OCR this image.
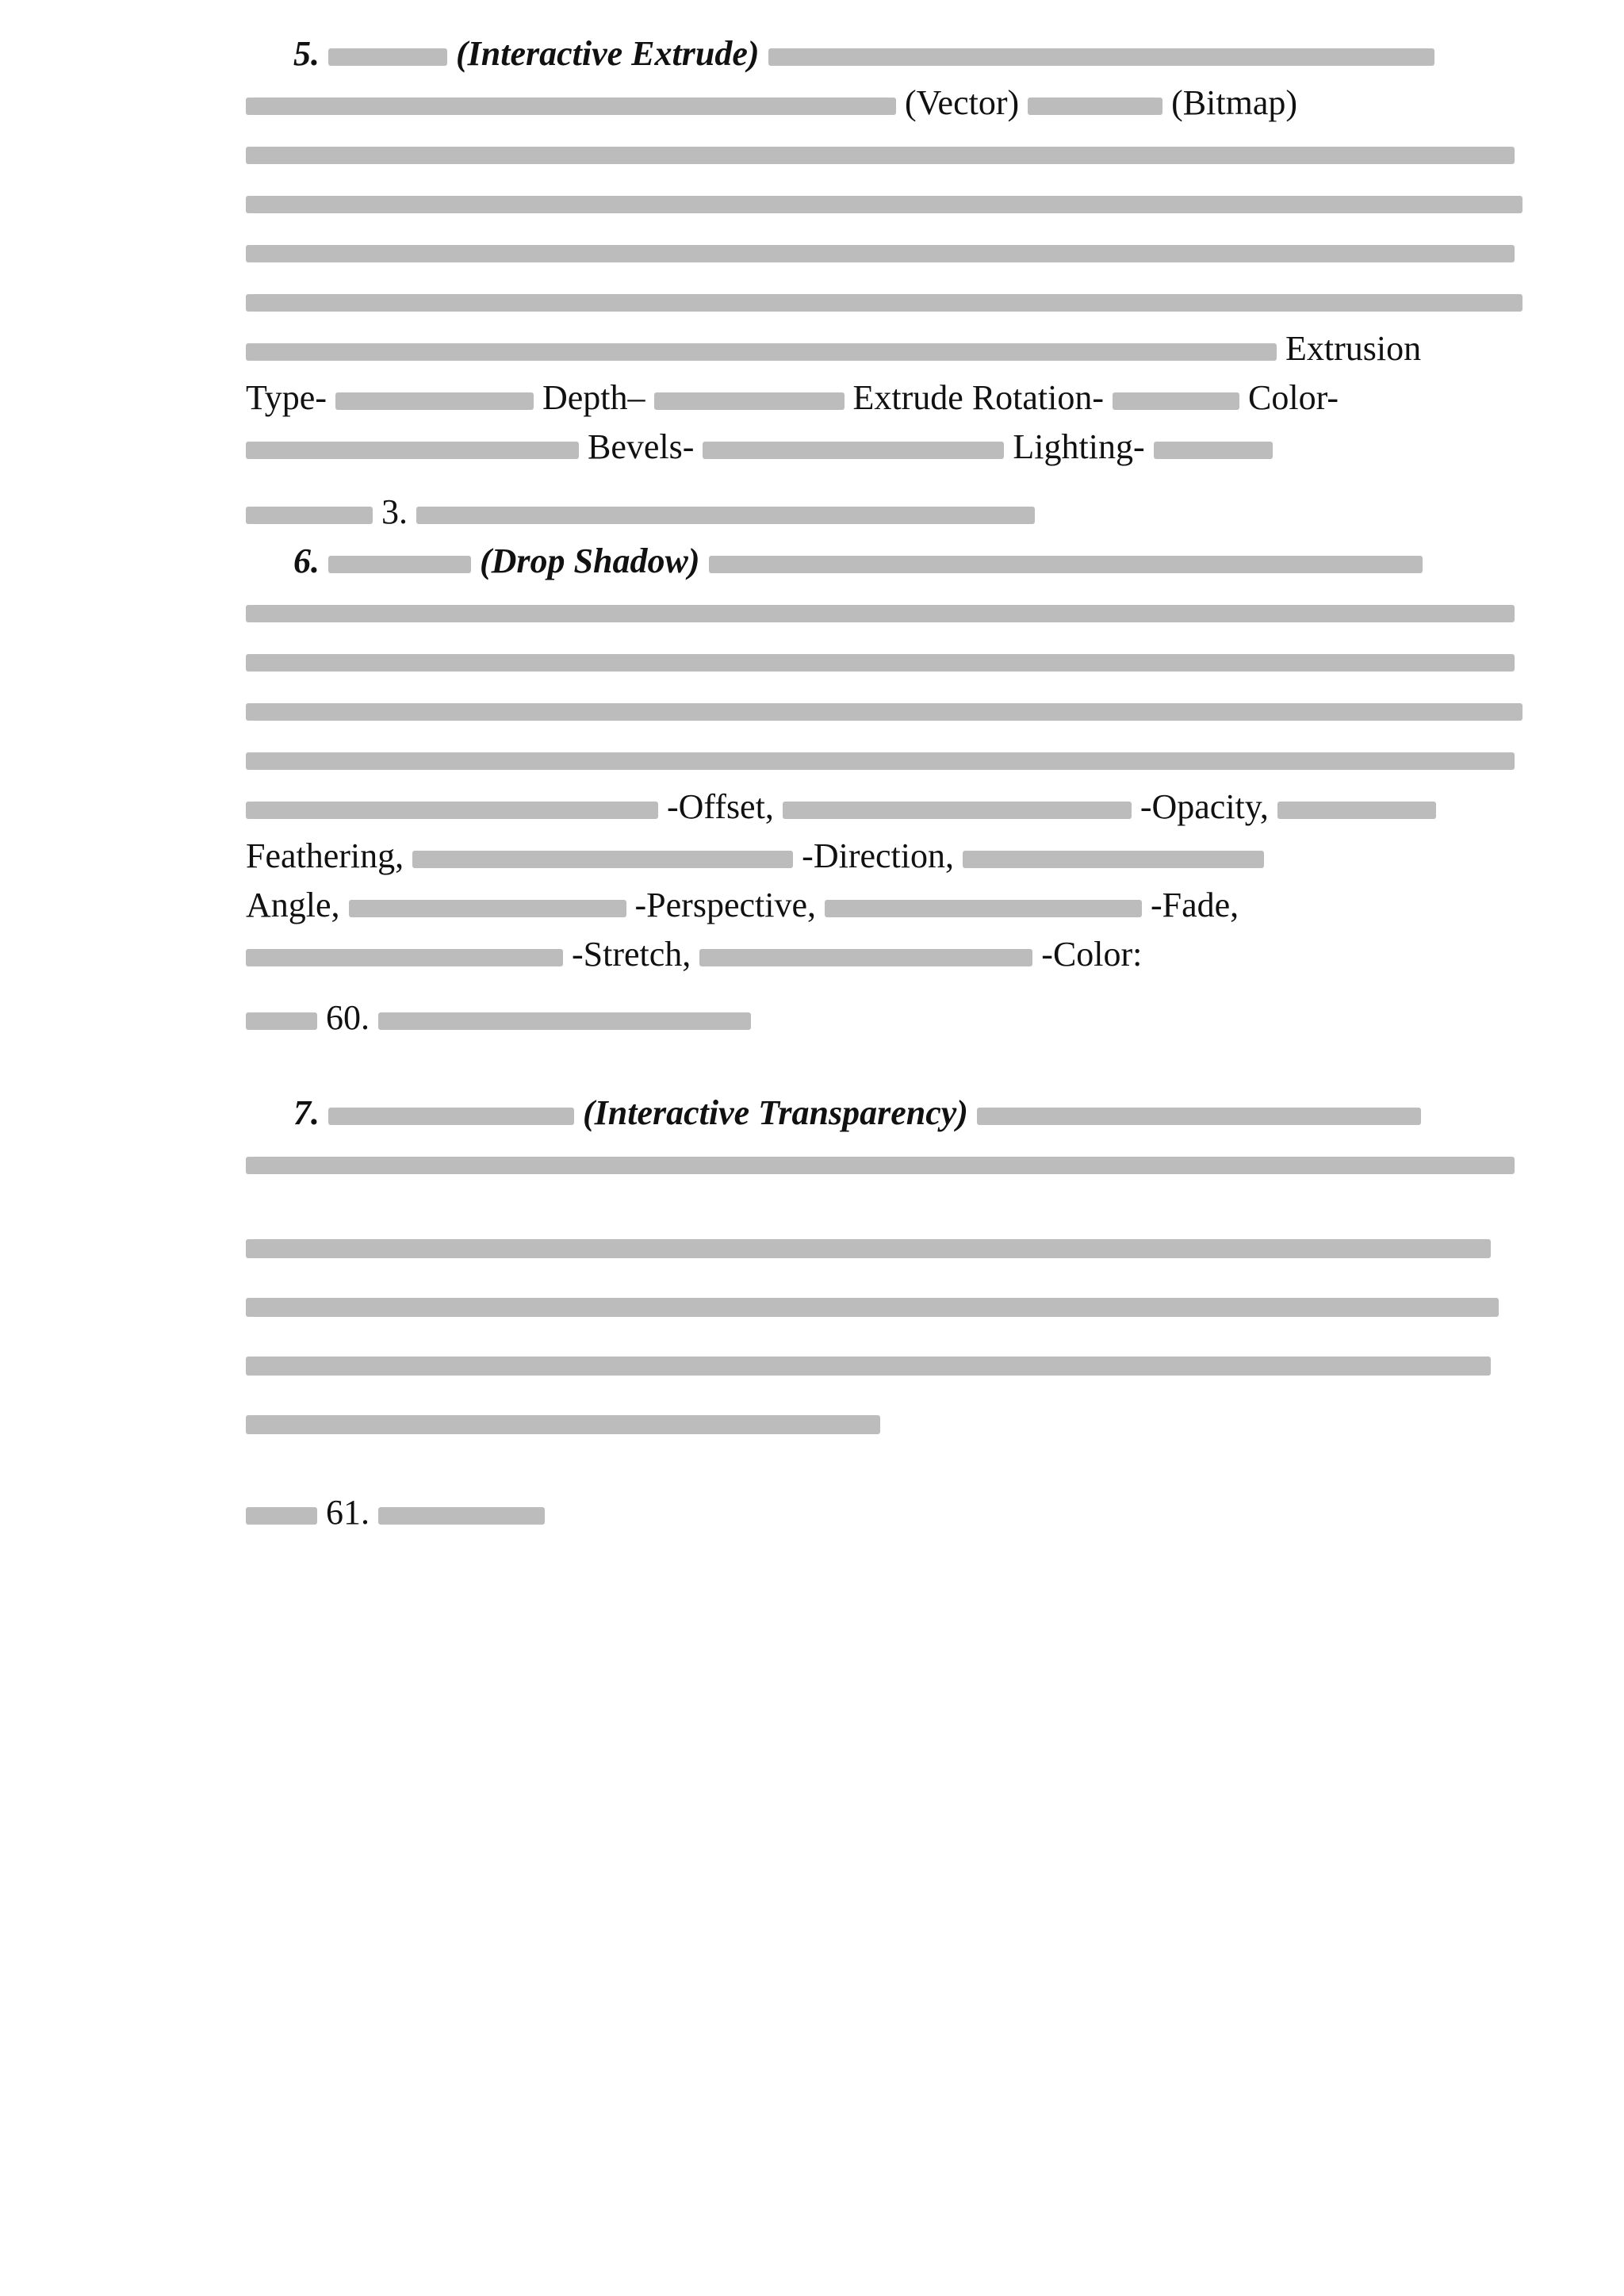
5.	(Interactive Extrude)
(Vector)	(Bitmap)
Extrusion
Type-	Depth–	Extrude Rotation-	Color-
Bevels-	Lighting-
3.
6.	(Drop Shadow)
-Offset,	-Opacity,
Feathering,	-Direction,
Angle,	-Perspective,	-Fade,
-Stretch,	-Color:
60.
7.	(Interactive Transparency)
61.
